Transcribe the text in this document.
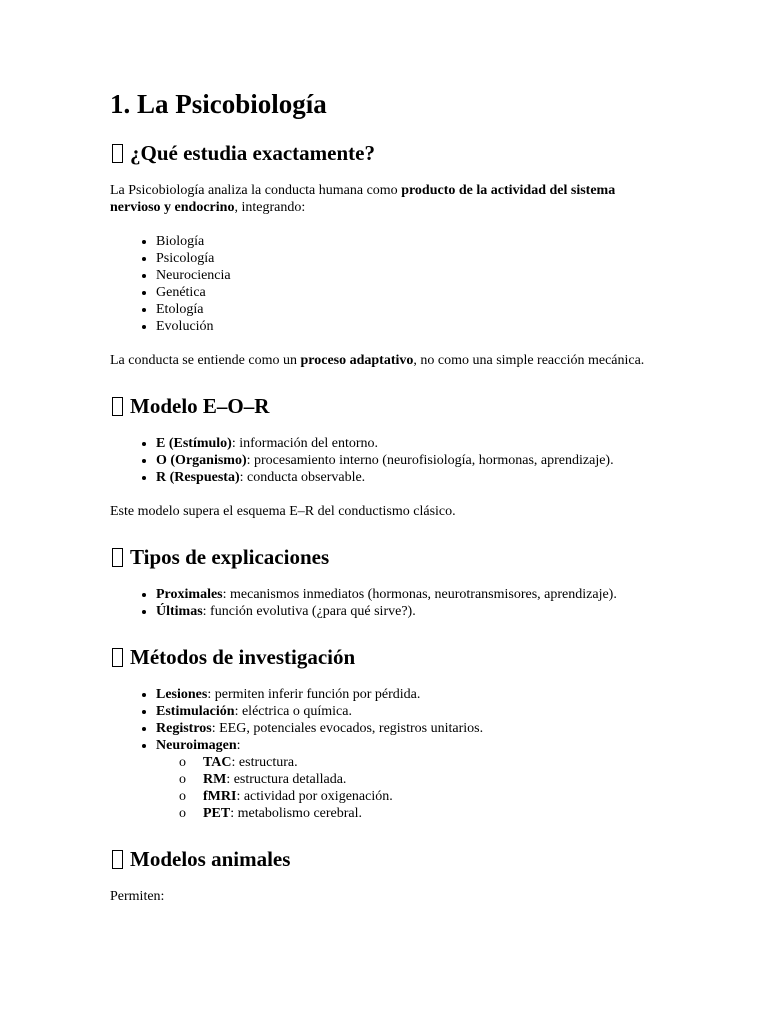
1. La Psicobiología
¿Qué estudia exactamente?

La Psicobiología analiza la conducta humana como producto de la actividad del sistema nervioso y endocrino, integrando:

• Biología
• Psicología
• Neurociencia
• Genética
• Etología
• Evolución

La conducta se entiende como un proceso adaptativo, no como una simple reacción mecánica.

Modelo E–O–R
• E (Estímulo): información del entorno.
• O (Organismo): procesamiento interno (neurofisiología, hormonas, aprendizaje).
• R (Respuesta): conducta observable.

Este modelo supera el esquema E–R del conductismo clásico.

Tipos de explicaciones
• Proximales: mecanismos inmediatos (hormonas, neurotransmisores, aprendizaje).
• Últimas: función evolutiva (¿para qué sirve?).
Métodos de investigación
• Lesiones: permiten inferir función por pérdida.
• Estimulación: eléctrica o química.
• Registros: EEG, potenciales evocados, registros unitarios.
• Neuroimagen:
o TAC: estructura.
o RM: estructura detallada.
o fMRI: actividad por oxigenación.
o PET: metabolismo cerebral.
Modelos animales

Permiten:
